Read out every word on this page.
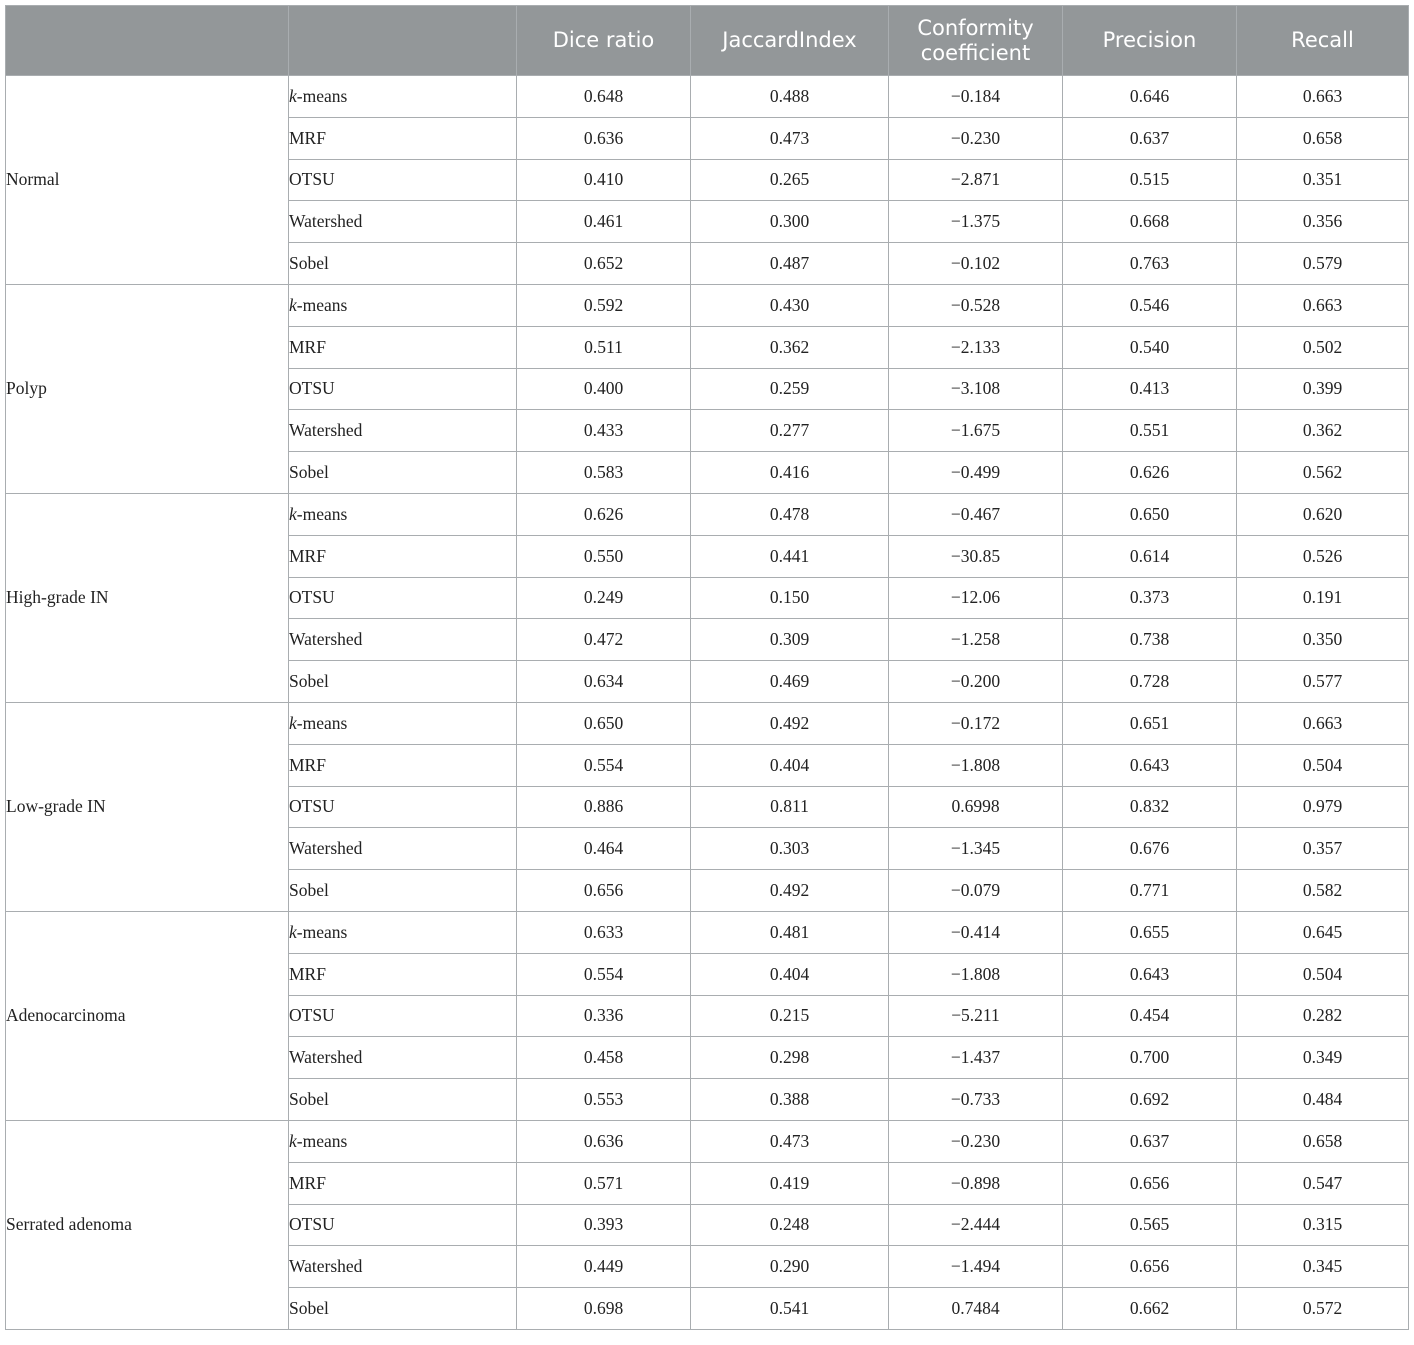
		Dice ratio	JaccardIndex	Conformity coefficient	Precision	Recall
Normal	k-means	0.648	0.488	−0.184	0.646	0.663
	MRF	0.636	0.473	−0.230	0.637	0.658
	OTSU	0.410	0.265	−2.871	0.515	0.351
	Watershed	0.461	0.300	−1.375	0.668	0.356
	Sobel	0.652	0.487	−0.102	0.763	0.579
Polyp	k-means	0.592	0.430	−0.528	0.546	0.663
	MRF	0.511	0.362	−2.133	0.540	0.502
	OTSU	0.400	0.259	−3.108	0.413	0.399
	Watershed	0.433	0.277	−1.675	0.551	0.362
	Sobel	0.583	0.416	−0.499	0.626	0.562
High-grade IN	k-means	0.626	0.478	−0.467	0.650	0.620
	MRF	0.550	0.441	−30.85	0.614	0.526
	OTSU	0.249	0.150	−12.06	0.373	0.191
	Watershed	0.472	0.309	−1.258	0.738	0.350
	Sobel	0.634	0.469	−0.200	0.728	0.577
Low-grade IN	k-means	0.650	0.492	−0.172	0.651	0.663
	MRF	0.554	0.404	−1.808	0.643	0.504
	OTSU	0.886	0.811	0.6998	0.832	0.979
	Watershed	0.464	0.303	−1.345	0.676	0.357
	Sobel	0.656	0.492	−0.079	0.771	0.582
Adenocarcinoma	k-means	0.633	0.481	−0.414	0.655	0.645
	MRF	0.554	0.404	−1.808	0.643	0.504
	OTSU	0.336	0.215	−5.211	0.454	0.282
	Watershed	0.458	0.298	−1.437	0.700	0.349
	Sobel	0.553	0.388	−0.733	0.692	0.484
Serrated adenoma	k-means	0.636	0.473	−0.230	0.637	0.658
	MRF	0.571	0.419	−0.898	0.656	0.547
	OTSU	0.393	0.248	−2.444	0.565	0.315
	Watershed	0.449	0.290	−1.494	0.656	0.345
	Sobel	0.698	0.541	0.7484	0.662	0.572
